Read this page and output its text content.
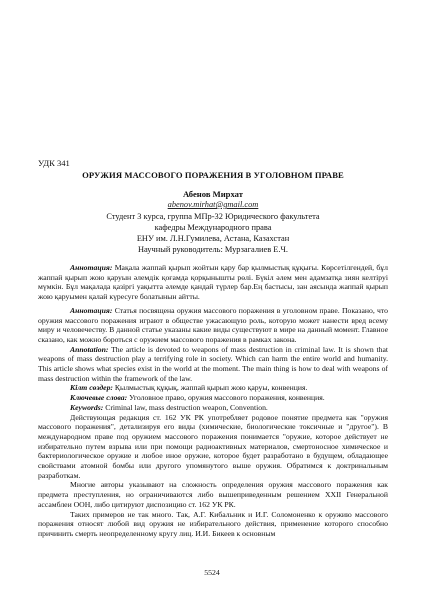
УДК 341

ОРУЖИЯ МАССОВОГО ПОРАЖЕНИЯ В УГОЛОВНОМ ПРАВЕ

Абенов Мирхат

abenov.mirhat@gmail.com

Студент 3 курса, группа МПр-32 Юридического факультета
кафедры Международного права
ЕНУ им. Л.Н.Гумилева, Астана, Казахстан
Научный руководитель: Мурзагалиев Е.Ч.

Аннотация: Мақала жаппай қырып жойтын қару бар қылмыстық құқығы. Көрсетілгендей, бұл жаппай қырып жою қаруын әлемдік қоғамда қорқынышты рөлі. Бүкіл әлем мен адамзатқа зиян келтіруі мүмкін. Бұл мақалада қазіргі уақытта әлемде қандай түрлер бар.Ең бастысы, зан аясында жаппай қырып жою қаруымен қалай күресуге болатынын айтты.

Аннотация: Статья посвящена оружия массового поражения в уголовном праве. Показано, что оружия массового поражения играют в обществе ужасающую роль, которую может нанести вред всему миру и человечеству. В данной статье указаны какие виды существуют в мире на данный момент. Главное сказано, как можно бороться с оружием массового поражения в рамках закона.

Annotation: The article is devoted to weapons of mass destruction in criminal law. It is shown that weapons of mass destruction play a terrifying role in society. Which can harm the entire world and humanity. This article shows what species exist in the world at the moment. The main thing is how to deal with weapons of mass destruction within the framework of the law.

Кілт сөздер: Қылмыстық құқық, жаппай қырып жою қаруы, конвенция.

Ключевые слова: Уголовное право, оружия массового поражения, конвенция.

Keywords: Criminal law, mass destruction weapon, Convention.

Действующая редакция ст. 162 УК РК употребляет родовое понятие предмета как "оружия массового поражения", детализируя его виды (химические, биологические токсичные и "другое"). В международном праве под оружием массового поражения понимается "оружие, которое действует не избирательно путем взрыва или при помощи радиоактивных материалов, смертоносное химическое и бактериологическое оружие и любое иное оружие, которое будет разработано в будущем, обладающее свойствами атомной бомбы или другого упомянутого выше оружия. Обратимся к доктринальным разработкам.

Многие авторы указывают на сложность определения оружия массового поражения как предмета преступления, но ограничиваются либо вышеприведенным решением XXII Генеральной ассамблеи ООН, либо цитируют диспозицию ст. 162 УК РК.

Таких примеров не так много. Так, А.Г. Кибальник и И.Г. Соломоненко к оружию массового поражения относят любой вид оружия не избирательного действия, применение которого способно причинить смерть неопределенному кругу лиц. И.И. Бикеев к основным

5524
